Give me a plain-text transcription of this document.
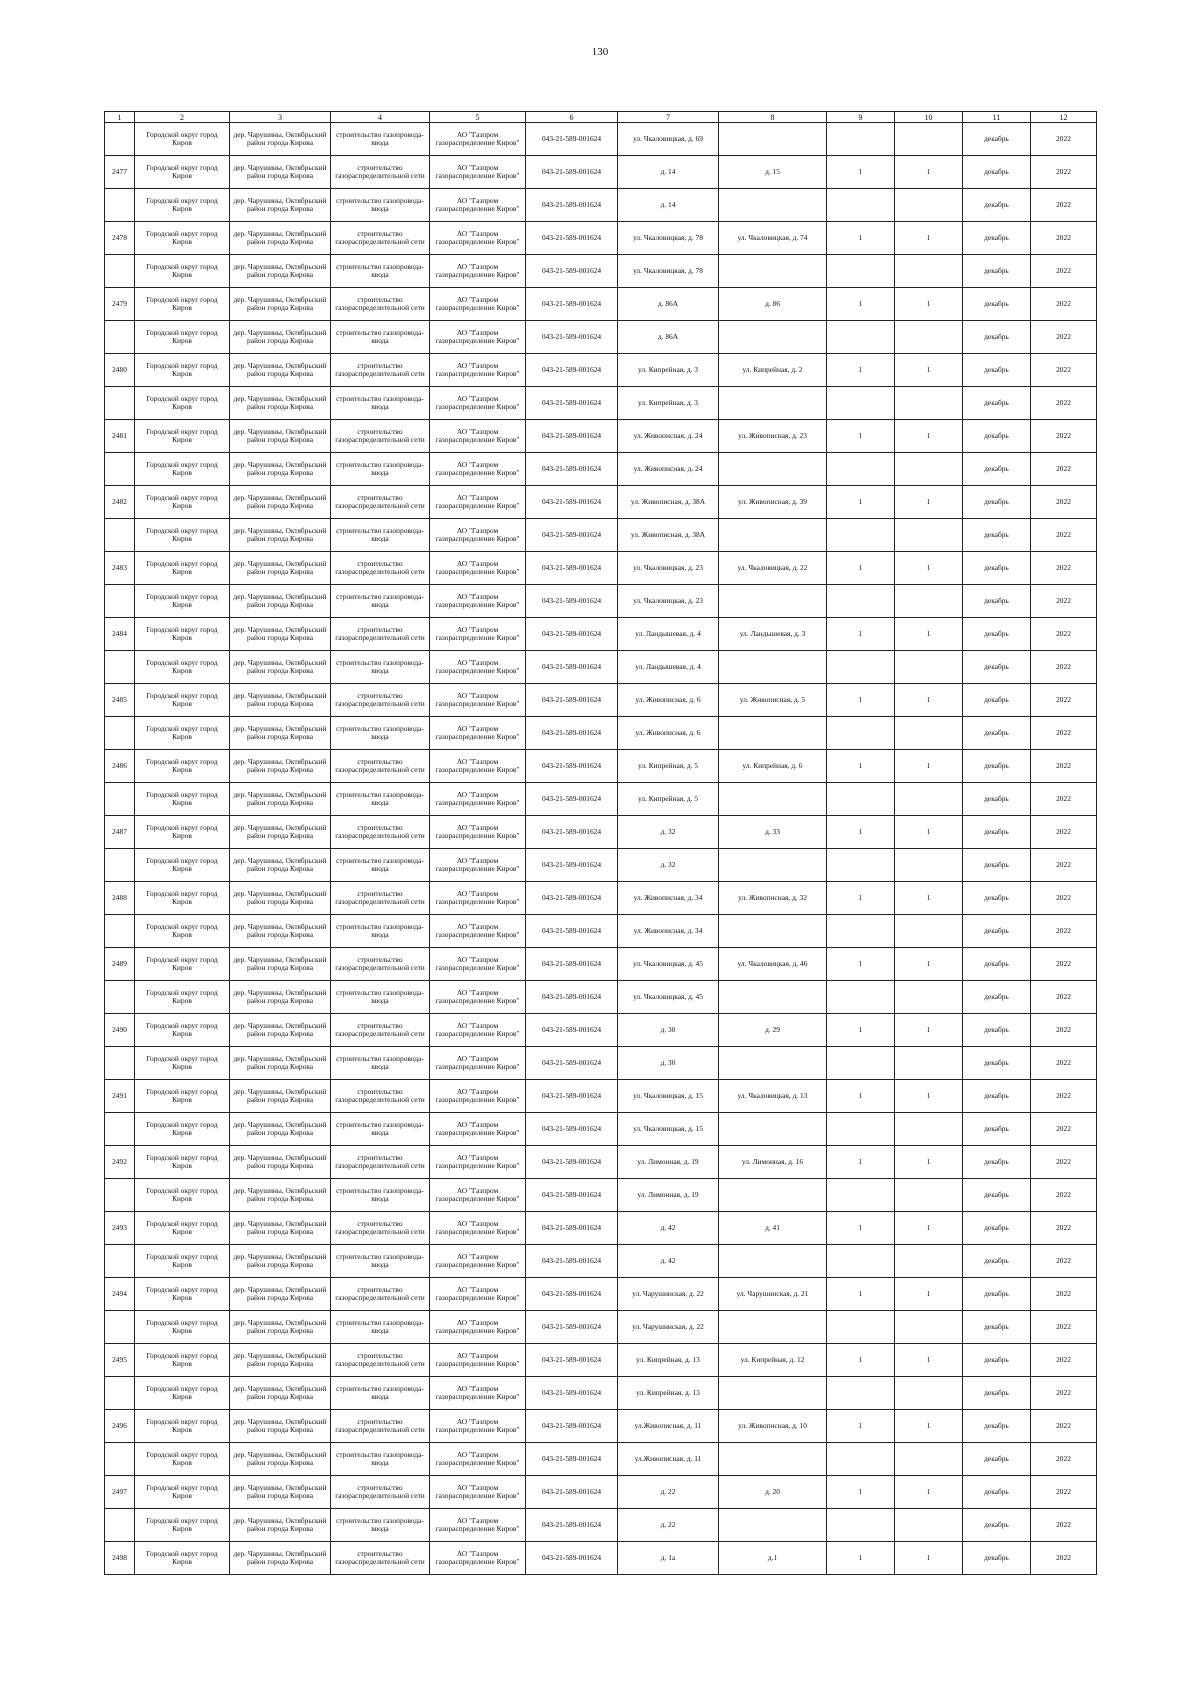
130
1	2	3	4	5	6	7	8	9	10	11	12
	Городской округ город Киров	дер. Чарушины, Октябрьский район города Кирова	строительство газопровода-ввода	АО "Газпром газораспределение Киров"	043-21-589-001624	ул. Чкаловицкая, д. 69				декабрь	2022
2477	Городской округ город Киров	дер. Чарушины, Октябрьский район города Кирова	строительство газораспределительной сети	АО "Газпром газораспределение Киров"	043-21-589-001624	д. 14	д. 15	1	1	декабрь	2022
	Городской округ город Киров	дер. Чарушины, Октябрьский район города Кирова	строительство газопровода-ввода	АО "Газпром газораспределение Киров"	043-21-589-001624	д. 14				декабрь	2022
2478	Городской округ город Киров	дер. Чарушины, Октябрьский район города Кирова	строительство газораспределительной сети	АО "Газпром газораспределение Киров"	043-21-589-001624	ул. Чкаловицкая, д. 78	ул. Чкаловицкая, д. 74	1	1	декабрь	2022
	Городской округ город Киров	дер. Чарушины, Октябрьский район города Кирова	строительство газопровода-ввода	АО "Газпром газораспределение Киров"	043-21-589-001624	ул. Чкаловицкая, д. 78				декабрь	2022
2479	Городской округ город Киров	дер. Чарушины, Октябрьский район города Кирова	строительство газораспределительной сети	АО "Газпром газораспределение Киров"	043-21-589-001624	д. 86А	д. 86	1	1	декабрь	2022
	Городской округ город Киров	дер. Чарушины, Октябрьский район города Кирова	строительство газопровода-ввода	АО "Газпром газораспределение Киров"	043-21-589-001624	д. 86А				декабрь	2022
2480	Городской округ город Киров	дер. Чарушины, Октябрьский район города Кирова	строительство газораспределительной сети	АО "Газпром газораспределение Киров"	043-21-589-001624	ул. Кипрейная, д. 3	ул. Кипрейная, д. 2	1	1	декабрь	2022
	Городской округ город Киров	дер. Чарушины, Октябрьский район города Кирова	строительство газопровода-ввода	АО "Газпром газораспределение Киров"	043-21-589-001624	ул. Кипрейная, д. 3				декабрь	2022
2481	Городской округ город Киров	дер. Чарушины, Октябрьский район города Кирова	строительство газораспределительной сети	АО "Газпром газораспределение Киров"	043-21-589-001624	ул. Живописная, д. 24	ул. Живописная, д. 23	1	1	декабрь	2022
	Городской округ город Киров	дер. Чарушины, Октябрьский район города Кирова	строительство газопровода-ввода	АО "Газпром газораспределение Киров"	043-21-589-001624	ул. Живописная, д. 24				декабрь	2022
2482	Городской округ город Киров	дер. Чарушины, Октябрьский район города Кирова	строительство газораспределительной сети	АО "Газпром газораспределение Киров"	043-21-589-001624	ул. Живописная, д. 38А	ул. Живописная, д. 39	1	1	декабрь	2022
	Городской округ город Киров	дер. Чарушины, Октябрьский район города Кирова	строительство газопровода-ввода	АО "Газпром газораспределение Киров"	043-21-589-001624	ул. Живописная, д. 38А				декабрь	2022
2483	Городской округ город Киров	дер. Чарушины, Октябрьский район города Кирова	строительство газораспределительной сети	АО "Газпром газораспределение Киров"	043-21-589-001624	ул. Чкаловицкая, д. 23	ул. Чкаловицкая, д. 22	1	1	декабрь	2022
	Городской округ город Киров	дер. Чарушины, Октябрьский район города Кирова	строительство газопровода-ввода	АО "Газпром газораспределение Киров"	043-21-589-001624	ул. Чкаловицкая, д. 23				декабрь	2022
2484	Городской округ город Киров	дер. Чарушины, Октябрьский район города Кирова	строительство газораспределительной сети	АО "Газпром газораспределение Киров"	043-21-589-001624	ул. Ландышевая, д. 4	ул. Ландышевая, д. 3	1	1	декабрь	2022
	Городской округ город Киров	дер. Чарушины, Октябрьский район города Кирова	строительство газопровода-ввода	АО "Газпром газораспределение Киров"	043-21-589-001624	ул. Ландышевая, д. 4				декабрь	2022
2485	Городской округ город Киров	дер. Чарушины, Октябрьский район города Кирова	строительство газораспределительной сети	АО "Газпром газораспределение Киров"	043-21-589-001624	ул. Живописная, д. 6	ул. Живописная, д. 5	1	1	декабрь	2022
	Городской округ город Киров	дер. Чарушины, Октябрьский район города Кирова	строительство газопровода-ввода	АО "Газпром газораспределение Киров"	043-21-589-001624	ул. Живописная, д. 6				декабрь	2022
2486	Городской округ город Киров	дер. Чарушины, Октябрьский район города Кирова	строительство газораспределительной сети	АО "Газпром газораспределение Киров"	043-21-589-001624	ул. Кипрейная, д. 5	ул. Кипрейная, д. 6	1	1	декабрь	2022
	Городской округ город Киров	дер. Чарушины, Октябрьский район города Кирова	строительство газопровода-ввода	АО "Газпром газораспределение Киров"	043-21-589-001624	ул. Кипрейная, д. 5				декабрь	2022
2487	Городской округ город Киров	дер. Чарушины, Октябрьский район города Кирова	строительство газораспределительной сети	АО "Газпром газораспределение Киров"	043-21-589-001624	д. 32	д. 33	1	1	декабрь	2022
	Городской округ город Киров	дер. Чарушины, Октябрьский район города Кирова	строительство газопровода-ввода	АО "Газпром газораспределение Киров"	043-21-589-001624	д. 32				декабрь	2022
2488	Городской округ город Киров	дер. Чарушины, Октябрьский район города Кирова	строительство газораспределительной сети	АО "Газпром газораспределение Киров"	043-21-589-001624	ул. Живописная, д. 34	ул. Живописная, д. 32	1	1	декабрь	2022
	Городской округ город Киров	дер. Чарушины, Октябрьский район города Кирова	строительство газопровода-ввода	АО "Газпром газораспределение Киров"	043-21-589-001624	ул. Живописная, д. 34				декабрь	2022
2489	Городской округ город Киров	дер. Чарушины, Октябрьский район города Кирова	строительство газораспределительной сети	АО "Газпром газораспределение Киров"	043-21-589-001624	ул. Чкаловицкая, д. 45	ул. Чкаловицкая, д. 46	1	1	декабрь	2022
	Городской округ город Киров	дер. Чарушины, Октябрьский район города Кирова	строительство газопровода-ввода	АО "Газпром газораспределение Киров"	043-21-589-001624	ул. Чкаловицкая, д. 45				декабрь	2022
2490	Городской округ город Киров	дер. Чарушины, Октябрьский район города Кирова	строительство газораспределительной сети	АО "Газпром газораспределение Киров"	043-21-589-001624	д. 30	д. 29	1	1	декабрь	2022
	Городской округ город Киров	дер. Чарушины, Октябрьский район города Кирова	строительство газопровода-ввода	АО "Газпром газораспределение Киров"	043-21-589-001624	д. 30				декабрь	2022
2491	Городской округ город Киров	дер. Чарушины, Октябрьский район города Кирова	строительство газораспределительной сети	АО "Газпром газораспределение Киров"	043-21-589-001624	ул. Чкаловицкая, д. 15	ул. Чкаловицкая, д. 13	1	1	декабрь	2022
	Городской округ город Киров	дер. Чарушины, Октябрьский район города Кирова	строительство газопровода-ввода	АО "Газпром газораспределение Киров"	043-21-589-001624	ул. Чкаловицкая, д. 15				декабрь	2022
2492	Городской округ город Киров	дер. Чарушины, Октябрьский район города Кирова	строительство газораспределительной сети	АО "Газпром газораспределение Киров"	043-21-589-001624	ул. Лимонная, д. 19	ул. Лимонная, д. 16	1	1	декабрь	2022
	Городской округ город Киров	дер. Чарушины, Октябрьский район города Кирова	строительство газопровода-ввода	АО "Газпром газораспределение Киров"	043-21-589-001624	ул. Лимонная, д. 19				декабрь	2022
2493	Городской округ город Киров	дер. Чарушины, Октябрьский район города Кирова	строительство газораспределительной сети	АО "Газпром газораспределение Киров"	043-21-589-001624	д. 42	д. 41	1	1	декабрь	2022
	Городской округ город Киров	дер. Чарушины, Октябрьский район города Кирова	строительство газопровода-ввода	АО "Газпром газораспределение Киров"	043-21-589-001624	д. 42				декабрь	2022
2494	Городской округ город Киров	дер. Чарушины, Октябрьский район города Кирова	строительство газораспределительной сети	АО "Газпром газораспределение Киров"	043-21-589-001624	ул. Чарушинская, д. 22	ул. Чарушинская, д. 21	1	1	декабрь	2022
	Городской округ город Киров	дер. Чарушины, Октябрьский район города Кирова	строительство газопровода-ввода	АО "Газпром газораспределение Киров"	043-21-589-001624	ул. Чарушинская, д. 22				декабрь	2022
2495	Городской округ город Киров	дер. Чарушины, Октябрьский район города Кирова	строительство газораспределительной сети	АО "Газпром газораспределение Киров"	043-21-589-001624	ул. Кипрейная, д. 13	ул. Кипрейная, д. 12	1	1	декабрь	2022
	Городской округ город Киров	дер. Чарушины, Октябрьский район города Кирова	строительство газопровода-ввода	АО "Газпром газораспределение Киров"	043-21-589-001624	ул. Кипрейная, д. 13				декабрь	2022
2496	Городской округ город Киров	дер. Чарушины, Октябрьский район города Кирова	строительство газораспределительной сети	АО "Газпром газораспределение Киров"	043-21-589-001624	ул.Живописная, д. 11	ул. Живописная, д. 10	1	1	декабрь	2022
	Городской округ город Киров	дер. Чарушины, Октябрьский район города Кирова	строительство газопровода-ввода	АО "Газпром газораспределение Киров"	043-21-589-001624	ул.Живописная, д. 11				декабрь	2022
2497	Городской округ город Киров	дер. Чарушины, Октябрьский район города Кирова	строительство газораспределительной сети	АО "Газпром газораспределение Киров"	043-21-589-001624	д. 22	д. 20	1	1	декабрь	2022
	Городской округ город Киров	дер. Чарушины, Октябрьский район города Кирова	строительство газопровода-ввода	АО "Газпром газораспределение Киров"	043-21-589-001624	д. 22				декабрь	2022
2498	Городской округ город Киров	дер. Чарушины, Октябрьский район города Кирова	строительство газораспределительной сети	АО "Газпром газораспределение Киров"	043-21-589-001624	д. 1а	д.1	1	1	декабрь	2022
